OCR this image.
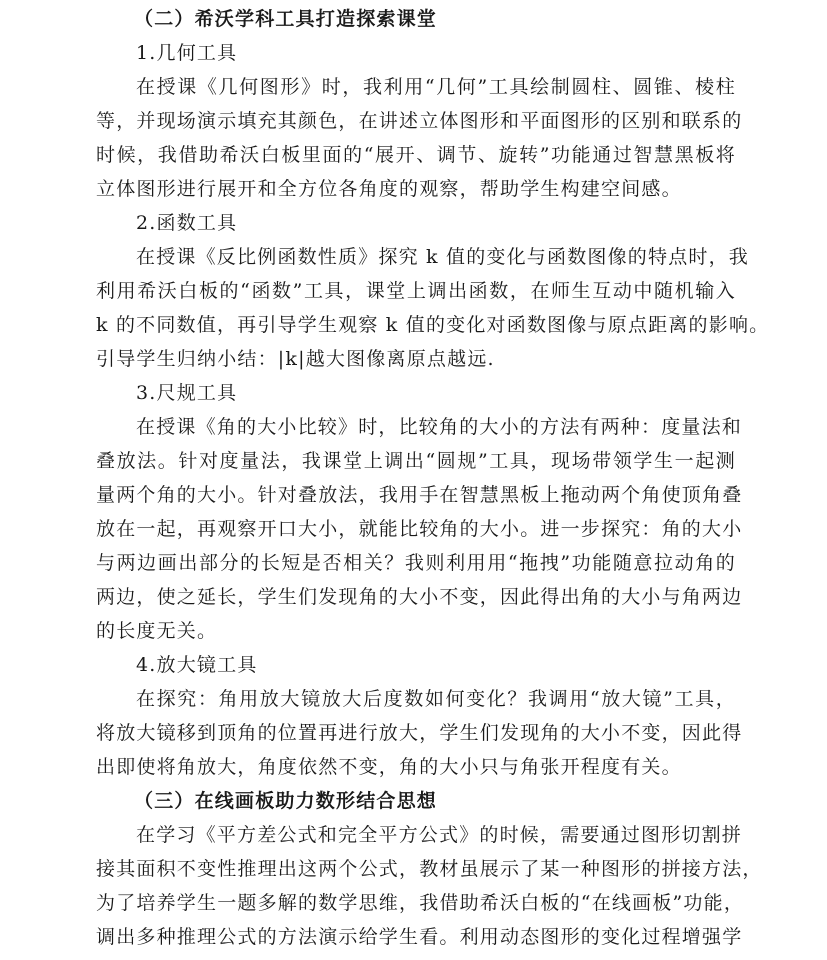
（二）希沃学科工具打造探索课堂
1.几何工具
在授课《几何图形》时，我利用“几何”工具绘制圆柱、圆锥、棱柱
等，并现场演示填充其颜色，在讲述立体图形和平面图形的区别和联系的
时候，我借助希沃白板里面的“展开、调节、旋转”功能通过智慧黑板将
立体图形进行展开和全方位各角度的观察，帮助学生构建空间感。
2.函数工具
在授课《反比例函数性质》探究 k 值的变化与函数图像的特点时，我
利用希沃白板的“函数”工具，课堂上调出函数，在师生互动中随机输入
k 的不同数值，再引导学生观察 k 值的变化对函数图像与原点距离的影响。
引导学生归纳小结：|k|越大图像离原点越远.
3.尺规工具
在授课《角的大小比较》时，比较角的大小的方法有两种：度量法和
叠放法。针对度量法，我课堂上调出“圆规”工具，现场带领学生一起测
量两个角的大小。针对叠放法，我用手在智慧黑板上拖动两个角使顶角叠
放在一起，再观察开口大小，就能比较角的大小。进一步探究：角的大小
与两边画出部分的长短是否相关？我则利用用“拖拽”功能随意拉动角的
两边，使之延长，学生们发现角的大小不变，因此得出角的大小与角两边
的长度无关。
4.放大镜工具
在探究：角用放大镜放大后度数如何变化？我调用“放大镜”工具，
将放大镜移到顶角的位置再进行放大，学生们发现角的大小不变，因此得
出即使将角放大，角度依然不变，角的大小只与角张开程度有关。
（三）在线画板助力数形结合思想
在学习《平方差公式和完全平方公式》的时候，需要通过图形切割拼
接其面积不变性推理出这两个公式，教材虽展示了某一种图形的拼接方法，
为了培养学生一题多解的数学思维，我借助希沃白板的“在线画板”功能，
调出多种推理公式的方法演示给学生看。利用动态图形的变化过程增强学
